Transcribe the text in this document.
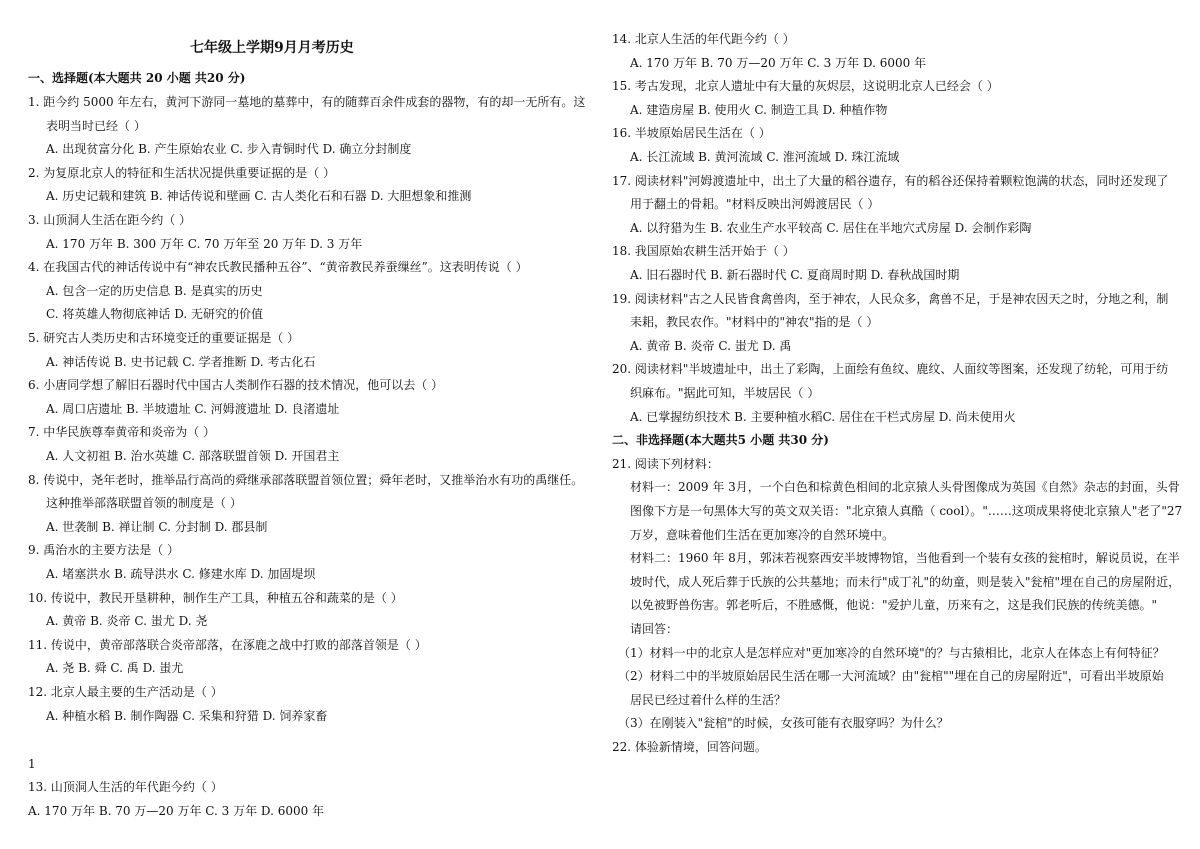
七年级上学期9月月考历史
一、选择题(本大题共 20 小题 共20 分)
1. 距今约 5000 年左右，黄河下游同一墓地的墓葬中，有的随葬百余件成套的器物，有的却一无所有。这
表明当时已经（ ）
A. 出现贫富分化 B. 产生原始农业 C. 步入青铜时代 D. 确立分封制度
2. 为复原北京人的特征和生活状况提供重要证据的是（ ）
A. 历史记载和建筑 B. 神话传说和壁画 C. 古人类化石和石器 D. 大胆想象和推测
3. 山顶洞人生活在距今约（ ）
A. 170 万年 B. 300 万年 C. 70 万年至 20 万年 D. 3 万年
4. 在我国古代的神话传说中有“神农氏教民播种五谷”、“黄帝教民养蚕缫丝”。这表明传说（ ）
A. 包含一定的历史信息 B. 是真实的历史
C. 将英雄人物彻底神话 D. 无研究的价值
5. 研究古人类历史和古环境变迁的重要证据是（ ）
A. 神话传说 B. 史书记载 C. 学者推断 D. 考古化石
6. 小唐同学想了解旧石器时代中国古人类制作石器的技术情况，他可以去（ ）
A. 周口店遗址 B. 半坡遗址 C. 河姆渡遗址 D. 良渚遗址
7. 中华民族尊奉黄帝和炎帝为（ ）
A. 人文初祖 B. 治水英雄 C. 部落联盟首领 D. 开国君主
8. 传说中，尧年老时，推举品行高尚的舜继承部落联盟首领位置；舜年老时，又推举治水有功的禹继任。
这种推举部落联盟首领的制度是（ ）
A. 世袭制 B. 禅让制 C. 分封制 D. 郡县制
9. 禹治水的主要方法是（ ）
A. 堵塞洪水 B. 疏导洪水 C. 修建水库 D. 加固堤坝
10. 传说中，教民开垦耕种，制作生产工具，种植五谷和蔬菜的是（ ）
A. 黄帝 B. 炎帝 C. 蚩尤 D. 尧
11. 传说中，黄帝部落联合炎帝部落，在涿鹿之战中打败的部落首领是（ ）
A. 尧 B. 舜 C. 禹 D. 蚩尤
12. 北京人最主要的生产活动是（ ）
A. 种植水稻 B. 制作陶器 C. 采集和狩猎 D. 饲养家畜
1
13. 山顶洞人生活的年代距今约（ ）
A. 170 万年 B. 70 万—20 万年 C. 3 万年 D. 6000 年
14. 北京人生活的年代距今约（ ）
A. 170 万年 B. 70 万—20 万年 C. 3 万年 D. 6000 年
15. 考古发现，北京人遗址中有大量的灰烬层，这说明北京人已经会（ ）
A. 建造房屋 B. 使用火 C. 制造工具 D. 种植作物
16. 半坡原始居民生活在（ ）
A. 长江流域 B. 黄河流域 C. 淮河流域 D. 珠江流域
17. 阅读材料"河姆渡遗址中，出土了大量的稻谷遗存，有的稻谷还保持着颗粒饱满的状态，同时还发现了
用于翻土的骨耜。"材料反映出河姆渡居民（ ）
A. 以狩猎为生 B. 农业生产水平较高 C. 居住在半地穴式房屋 D. 会制作彩陶
18. 我国原始农耕生活开始于（ ）
A. 旧石器时代 B. 新石器时代 C. 夏商周时期 D. 春秋战国时期
19. 阅读材料"古之人民皆食禽兽肉，至于神农，人民众多，禽兽不足，于是神农因天之时，分地之利，制
耒耜，教民农作。"材料中的"神农"指的是（ ）
A. 黄帝 B. 炎帝 C. 蚩尤 D. 禹
20. 阅读材料"半坡遗址中，出土了彩陶，上面绘有鱼纹、鹿纹、人面纹等图案，还发现了纺轮，可用于纺
织麻布。"据此可知，半坡居民（ ）
A. 已掌握纺织技术 B. 主要种植水稻C. 居住在干栏式房屋 D. 尚未使用火
二、非选择题(本大题共5 小题 共30 分)
21. 阅读下列材料：
材料一：2009 年 3月，一个白色和棕黄色相间的北京猿人头骨图像成为英国《自然》杂志的封面，头骨
图像下方是一句黑体大写的英文双关语："北京猿人真酷（ cool）。"……这项成果将使北京猿人"老了"27
万岁，意味着他们生活在更加寒冷的自然环境中。
材料二：1960 年 8月，郭沫若视察西安半坡博物馆，当他看到一个装有女孩的瓮棺时，解说员说，在半
坡时代，成人死后葬于氏族的公共墓地；而未行"成丁礼"的幼童，则是装入"瓮棺"埋在自己的房屋附近，
以免被野兽伤害。郭老听后，不胜感慨，他说："爱护儿童，历来有之，这是我们民族的传统美德。"
请回答：
（1）材料一中的北京人是怎样应对"更加寒冷的自然环境"的？与古猿相比，北京人在体态上有何特征？
（2）材料二中的半坡原始居民生活在哪一大河流域？由"瓮棺""埋在自己的房屋附近"，可看出半坡原始
居民已经过着什么样的生活？
（3）在刚装入"瓮棺"的时候，女孩可能有衣服穿吗？为什么？
22. 体验新情境，回答问题。
